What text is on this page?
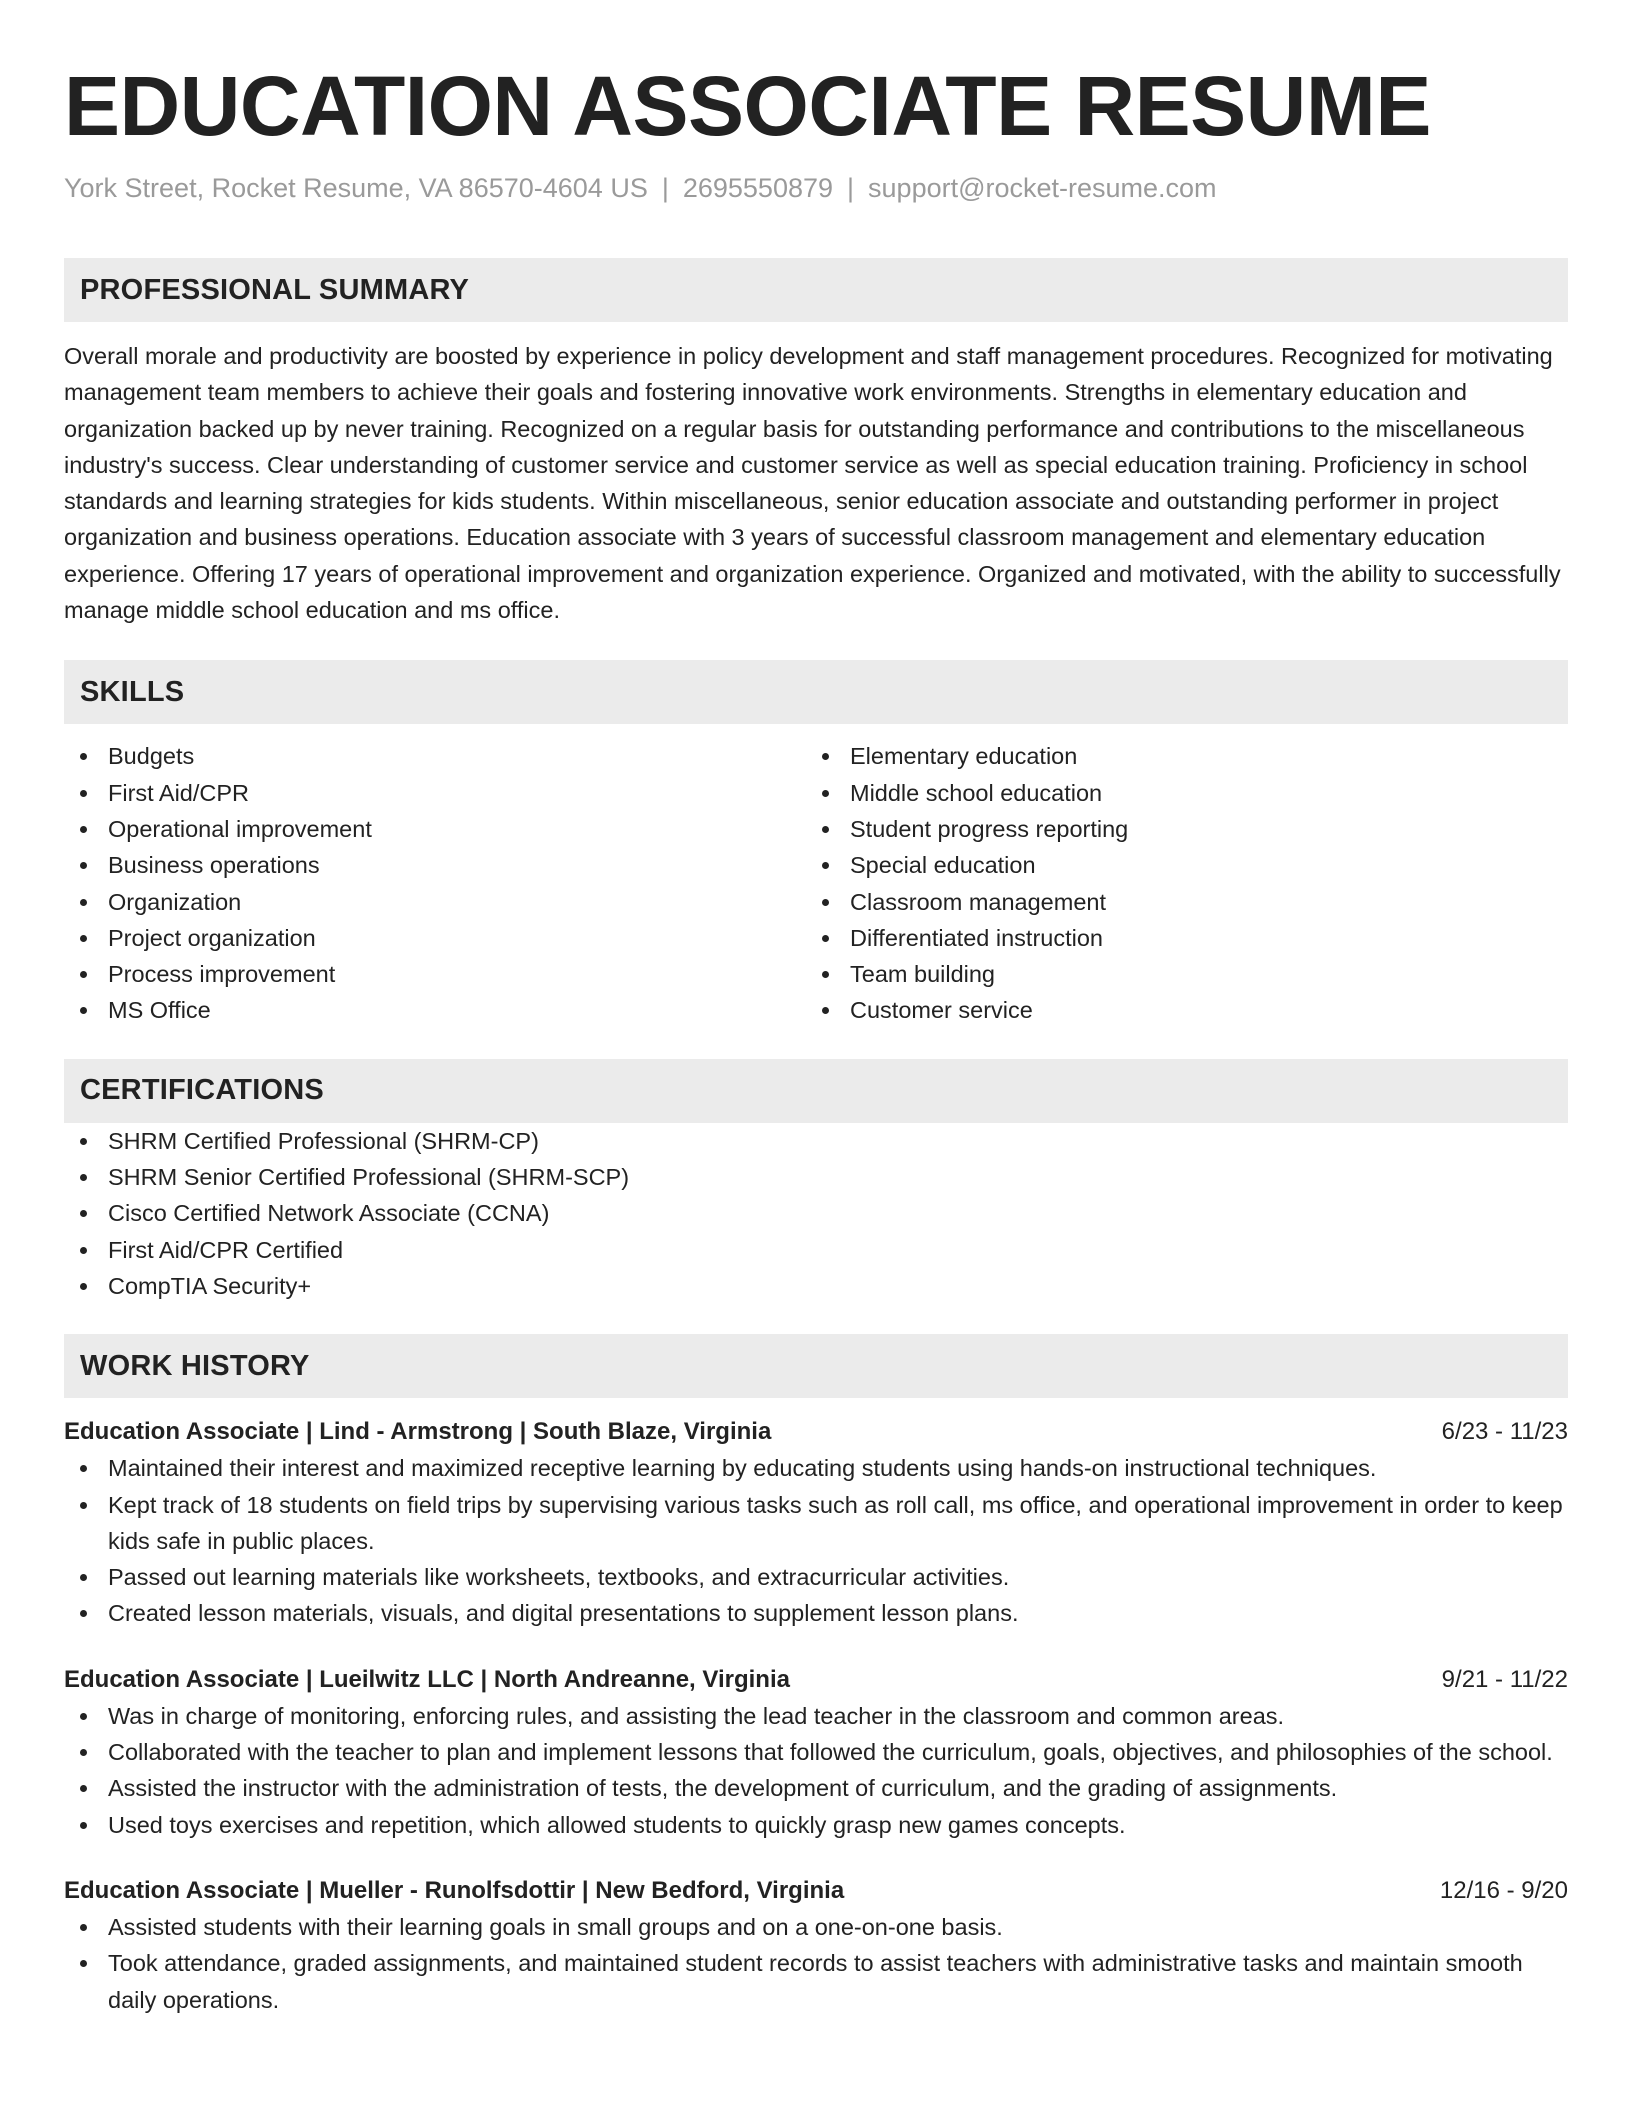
EDUCATION ASSOCIATE RESUME
York Street, Rocket Resume, VA 86570-4604 US | 2695550879 | support@rocket-resume.com
PROFESSIONAL SUMMARY
Overall morale and productivity are boosted by experience in policy development and staff management procedures. Recognized for motivating management team members to achieve their goals and fostering innovative work environments. Strengths in elementary education and organization backed up by never training. Recognized on a regular basis for outstanding performance and contributions to the miscellaneous industry's success. Clear understanding of customer service and customer service as well as special education training. Proficiency in school standards and learning strategies for kids students. Within miscellaneous, senior education associate and outstanding performer in project organization and business operations. Education associate with 3 years of successful classroom management and elementary education experience. Offering 17 years of operational improvement and organization experience. Organized and motivated, with the ability to successfully manage middle school education and ms office.
SKILLS
Budgets
First Aid/CPR
Operational improvement
Business operations
Organization
Project organization
Process improvement
MS Office
Elementary education
Middle school education
Student progress reporting
Special education
Classroom management
Differentiated instruction
Team building
Customer service
CERTIFICATIONS
SHRM Certified Professional (SHRM-CP)
SHRM Senior Certified Professional (SHRM-SCP)
Cisco Certified Network Associate (CCNA)
First Aid/CPR Certified
CompTIA Security+
WORK HISTORY
Education Associate | Lind - Armstrong | South Blaze, Virginia	6/23 - 11/23
Maintained their interest and maximized receptive learning by educating students using hands-on instructional techniques.
Kept track of 18 students on field trips by supervising various tasks such as roll call, ms office, and operational improvement in order to keep kids safe in public places.
Passed out learning materials like worksheets, textbooks, and extracurricular activities.
Created lesson materials, visuals, and digital presentations to supplement lesson plans.
Education Associate | Lueilwitz LLC | North Andreanne, Virginia	9/21 - 11/22
Was in charge of monitoring, enforcing rules, and assisting the lead teacher in the classroom and common areas.
Collaborated with the teacher to plan and implement lessons that followed the curriculum, goals, objectives, and philosophies of the school.
Assisted the instructor with the administration of tests, the development of curriculum, and the grading of assignments.
Used toys exercises and repetition, which allowed students to quickly grasp new games concepts.
Education Associate | Mueller - Runolfsdottir | New Bedford, Virginia	12/16 - 9/20
Assisted students with their learning goals in small groups and on a one-on-one basis.
Took attendance, graded assignments, and maintained student records to assist teachers with administrative tasks and maintain smooth daily operations.
